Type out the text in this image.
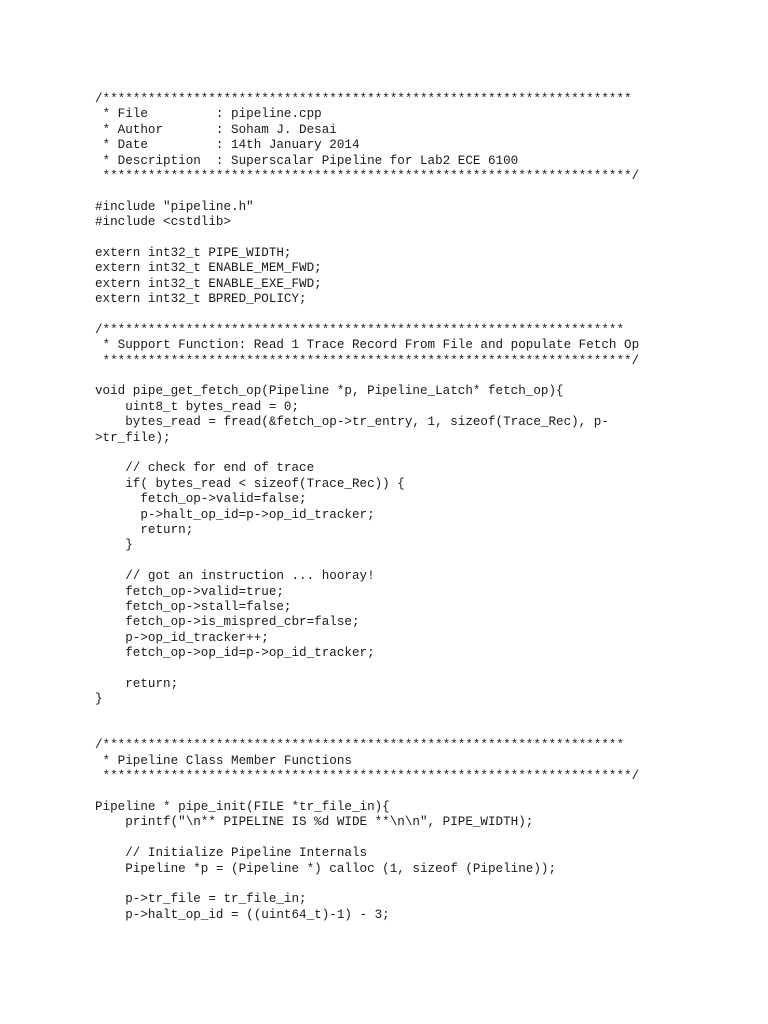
/**********************************************************************
* File         : pipeline.cpp
* Author       : Soham J. Desai
* Date         : 14th January 2014
* Description  : Superscalar Pipeline for Lab2 ECE 6100
**********************************************************************/
#include "pipeline.h"
#include <cstdlib>
extern int32_t PIPE_WIDTH;
extern int32_t ENABLE_MEM_FWD;
extern int32_t ENABLE_EXE_FWD;
extern int32_t BPRED_POLICY;
/*********************************************************************
* Support Function: Read 1 Trace Record From File and populate Fetch Op
**********************************************************************/
void pipe_get_fetch_op(Pipeline *p, Pipeline_Latch* fetch_op){
uint8_t bytes_read = 0;
bytes_read = fread(&fetch_op->tr_entry, 1, sizeof(Trace_Rec), p-
>tr_file);
// check for end of trace
if( bytes_read < sizeof(Trace_Rec)) {
fetch_op->valid=false;
p->halt_op_id=p->op_id_tracker;
return;
}
// got an instruction ... hooray!
fetch_op->valid=true;
fetch_op->stall=false;
fetch_op->is_mispred_cbr=false;
p->op_id_tracker++;
fetch_op->op_id=p->op_id_tracker;
return;
}
/*********************************************************************
* Pipeline Class Member Functions
**********************************************************************/
Pipeline * pipe_init(FILE *tr_file_in){
printf("\n** PIPELINE IS %d WIDE **\n\n", PIPE_WIDTH);
// Initialize Pipeline Internals
Pipeline *p = (Pipeline *) calloc (1, sizeof (Pipeline));
p->tr_file = tr_file_in;
p->halt_op_id = ((uint64_t)-1) - 3;
